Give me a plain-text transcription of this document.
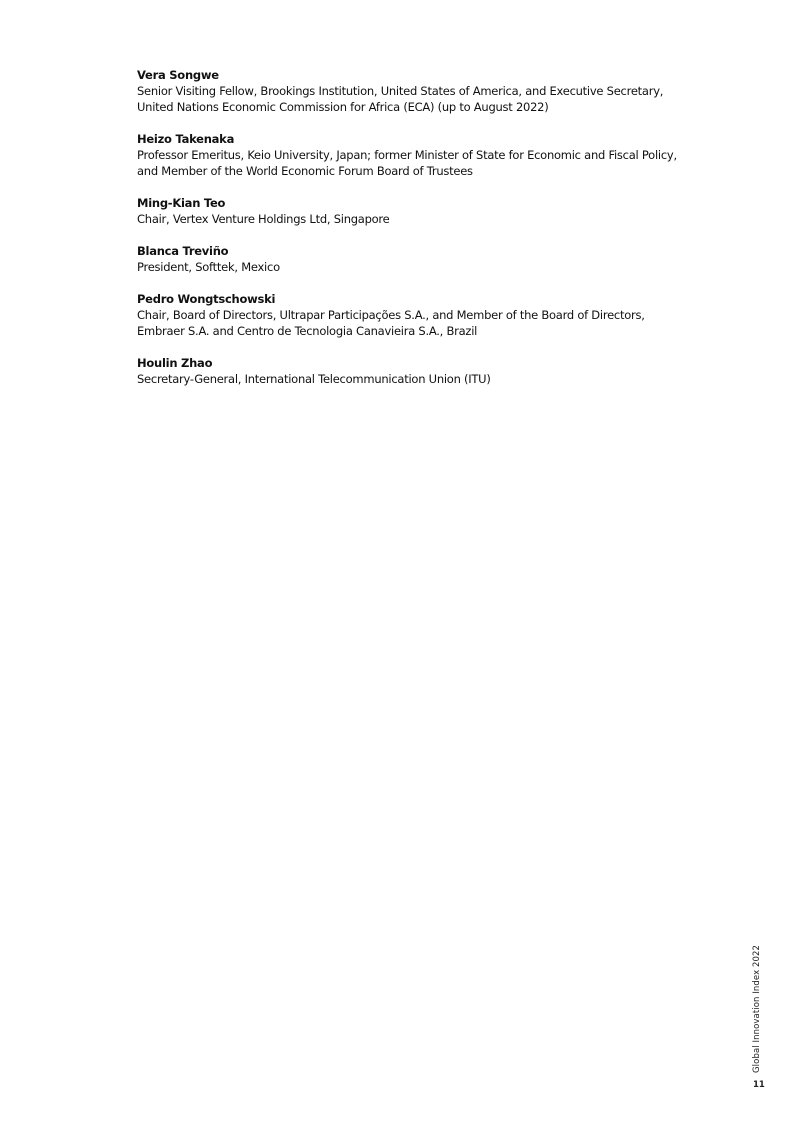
Vera Songwe
Senior Visiting Fellow, Brookings Institution, United States of America, and Executive Secretary,
United Nations Economic Commission for Africa (ECA) (up to August 2022)
Heizo Takenaka
Professor Emeritus, Keio University, Japan; former Minister of State for Economic and Fiscal Policy,
and Member of the World Economic Forum Board of Trustees
Ming-Kian Teo
Chair, Vertex Venture Holdings Ltd, Singapore
Blanca Treviño
President, Softtek, Mexico
Pedro Wongtschowski
Chair, Board of Directors, Ultrapar Participações S.A., and Member of the Board of Directors,
Embraer S.A. and Centro de Tecnologia Canavieira S.A., Brazil
Houlin Zhao
Secretary-General, International Telecommunication Union (ITU)
Global Innovation Index 2022
11
